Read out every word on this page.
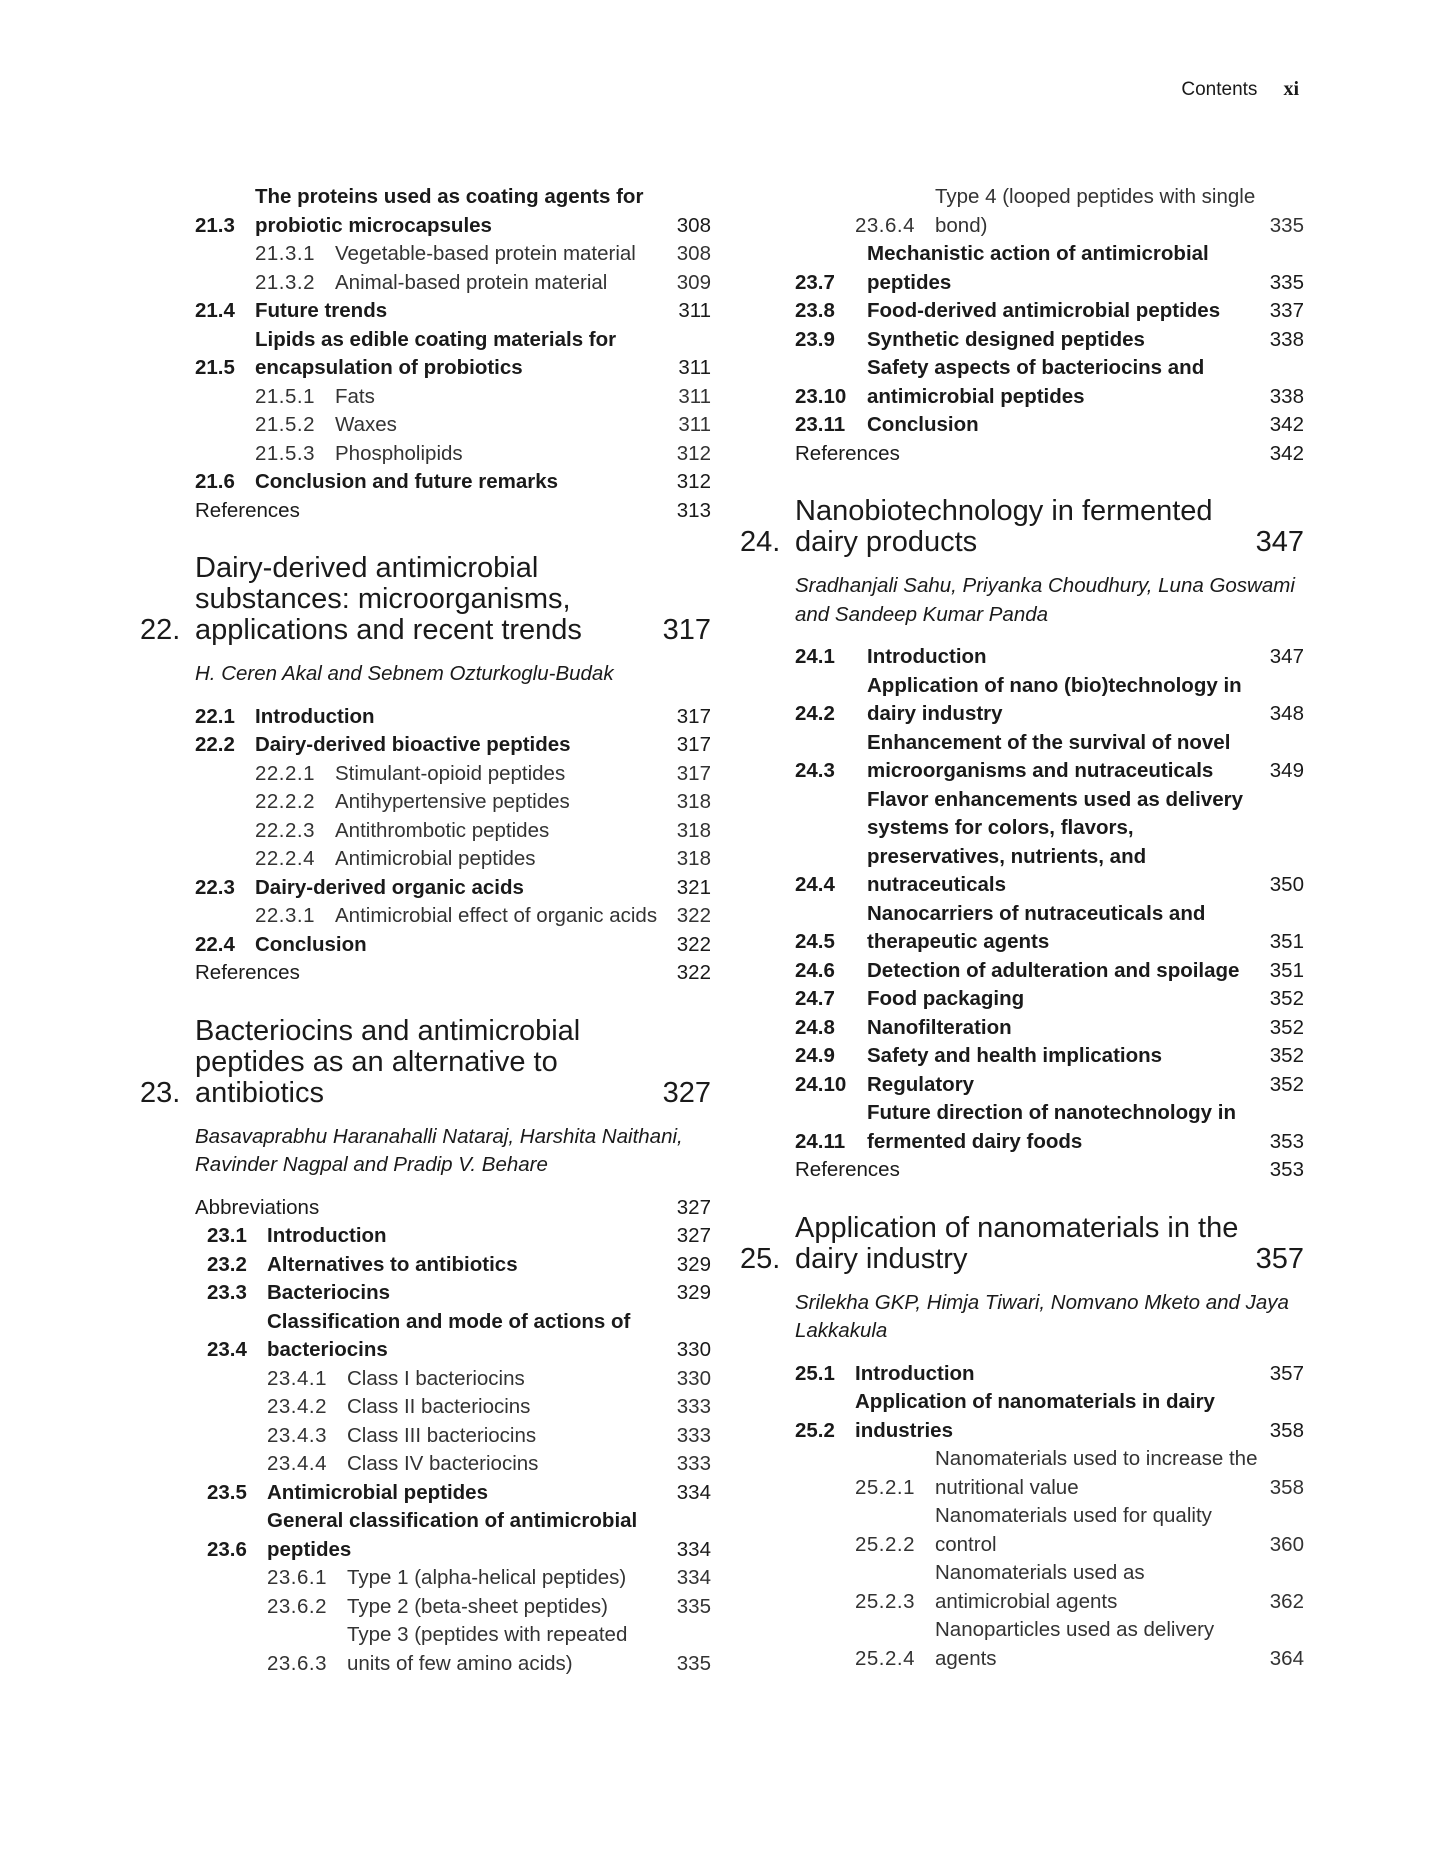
Contents xi
21.3
The proteins used as coating agents for probiotic microcapsules	308
21.3.1 Vegetable-based protein material	308
21.3.2 Animal-based protein material	309
21.4 Future trends	311
21.5
Lipids as edible coating materials for encapsulation of probiotics	311
21.5.1 Fats	311
21.5.2 Waxes	311
21.5.3 Phospholipids	312
21.6 Conclusion and future remarks	312
References	313
22.
Dairy-derived antimicrobial substances: microorganisms, applications and recent trends	317
H. Ceren Akal and Sebnem Ozturkoglu-Budak
22.1 Introduction	317
22.2 Dairy-derived bioactive peptides	317
22.2.1 Stimulant-opioid peptides	317
22.2.2 Antihypertensive peptides	318
22.2.3 Antithrombotic peptides	318
22.2.4 Antimicrobial peptides	318
22.3 Dairy-derived organic acids	321
22.3.1 Antimicrobial effect of organic acids 322
22.4 Conclusion	322
References	322
23.
Bacteriocins and antimicrobial peptides as an alternative to antibiotics	327
Basavaprabhu Haranahalli Nataraj, Harshita Naithani, Ravinder Nagpal and Pradip V. Behare
Abbreviations	327
23.1 Introduction	327
23.2 Alternatives to antibiotics	329
23.3 Bacteriocins	329
23.4
Classification and mode of actions of bacteriocins	330
23.4.1 Class I bacteriocins	330
23.4.2 Class II bacteriocins	333
23.4.3 Class III bacteriocins	333
23.4.4 Class IV bacteriocins	333
23.5 Antimicrobial peptides	334
23.6
General classification of antimicrobial peptides	334
23.6.1 Type 1 (alpha-helical peptides)	334
23.6.2 Type 2 (beta-sheet peptides)	335
23.6.3
Type 3 (peptides with repeated units of few amino acids)	335
23.6.4
Type 4 (looped peptides with single bond)	335
23.7
Mechanistic action of antimicrobial peptides	335
23.8	Food-derived antimicrobial peptides	337
23.9	Synthetic designed peptides	338
23.10
Safety aspects of bacteriocins and antimicrobial peptides	338
23.11	Conclusion	342
References	342
24.
Nanobiotechnology in fermented dairy products	347
Sradhanjali Sahu, Priyanka Choudhury, Luna Goswami and Sandeep Kumar Panda
24.1	Introduction	347
24.2
Application of nano (bio)technology in dairy industry	348
24.3
Enhancement of the survival of novel microorganisms and nutraceuticals	349
24.4
Flavor enhancements used as delivery systems for colors, flavors, preservatives, nutrients, and nutraceuticals	350
24.5
Nanocarriers of nutraceuticals and therapeutic agents	351
24.6	Detection of adulteration and spoilage	351
24.7	Food packaging	352
24.8	Nanofilteration	352
24.9	Safety and health implications	352
24.10	Regulatory	352
24.11
Future direction of nanotechnology in fermented dairy foods	353
References	353
25.
Application of nanomaterials in the dairy industry	357
Srilekha GKP, Himja Tiwari, Nomvano Mketo and Jaya Lakkakula
25.1 Introduction	357
25.2
Application of nanomaterials in dairy industries	358
25.2.1
Nanomaterials used to increase the nutritional value	358
25.2.2
Nanomaterials used for quality control	360
25.2.3
Nanomaterials used as antimicrobial agents	362
25.2.4
Nanoparticles used as delivery agents	364
